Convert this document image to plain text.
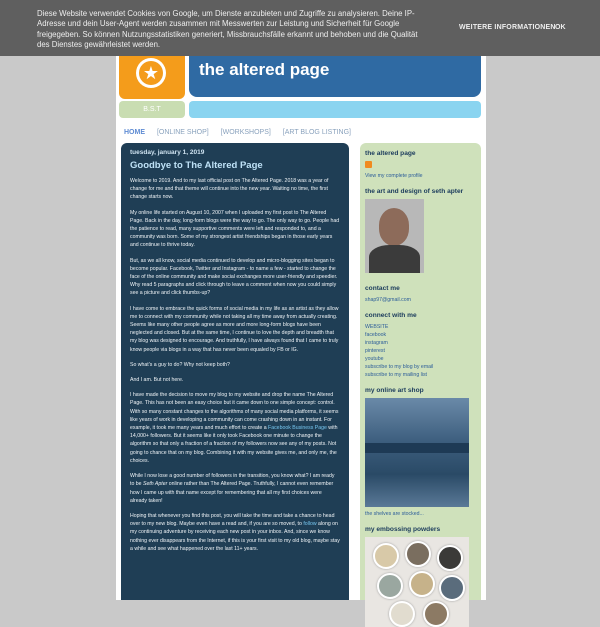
Diese Website verwendet Cookies von Google, um Dienste anzubieten und Zugriffe zu analysieren. Deine IP-Adresse und dein User-Agent werden zusammen mit Messwerten zur Leistung und Sicherheit für Google freigegeben. So können Nutzungsstatistiken generiert, Missbrauchsfälle erkannt und behoben und die Qualität des Dienstes gewährleistet werden.
WEITERE INFORMATIONEN OK
★ the altered page
B.S.T
HOME [ONLINE SHOP] [WORKSHOPS] [ART BLOG LISTING]
tuesday, january 1, 2019
Goodbye to The Altered Page

Welcome to 2019. And to my last official post on The Altered Page. 2018 was a year of change for me and that theme will continue into the new year. Waiting no time, the first change starts now.

My online life started on August 10, 2007 when I uploaded my first post to The Altered Page. Back in the day, long-form blogs were the way to go. The only way to go. People had the patience to read, many supportive comments were left and responded to, and a community was born. Some of my strongest artist friendships began in those early years and continue to thrive today.

But, as we all know, social media continued to develop and micro-blogging sites began to become popular. Facebook, Twitter and Instagram - to name a few - started to change the face of the online community and make social exchanges more user-friendly and speedier. Why read 5 paragraphs and click through to leave a comment when now you could simply see a picture and click thumbs-up?

I have come to embrace the quick forms of social media in my life as an artist as they allow me to connect with my community while not taking all my time away from actually creating. Seems like many other people agree as more and more long-form blogs have been neglected and closed. But at the same time, I continue to love the depth and breadth that my blog was designed to encourage. And truthfully, I have always found that I came to truly know people via blogs in a way that has never been equaled by FB or IG.

So what's a guy to do? Why not keep both?

And I am. But not here.

I have made the decision to move my blog to my website and drop the name The Altered Page. This has not been an easy choice but it came down to one simple concept: control. With so many constant changes to the algorithms of many social media platforms, it seems like years of work in developing a community can come crashing down in an instant. For example, it took me many years and much effort to create a Facebook Business Page with 14,000+ followers. But it seems like it only took Facebook one minute to change the algorithm so that only a fraction of a fraction of my followers now see any of my posts. Not going to chance that on my blog. Combining it with my website gives me, and only me, the choices.

While I now lose a good number of followers in the transition, you know what? I am ready to be Seth Apter online rather than The Altered Page. Truthfully, I cannot even remember how I came up with that name except for remembering that all my first choices were already taken!

Hoping that whenever you find this post, you will take the time and take a chance to head over to my new blog. Maybe even have a read and, if you are so moved, to follow along on my continuing adventure by receiving each new post in your inbox. And, since we know nothing ever disappears from the Internet, if this is your first visit to my old blog, maybe stay a while and see what happened over the last 11+ years.

the altered page
View my complete profile
the art and design of seth apter
contact me
shap97@gmail.com
connect with me
WEBSITE
facebook
instagram
pinterest
youtube
subscribe to my blog by email
subscribe to my mailing list
my online art shop
the shelves are stocked...
my embossing powders
